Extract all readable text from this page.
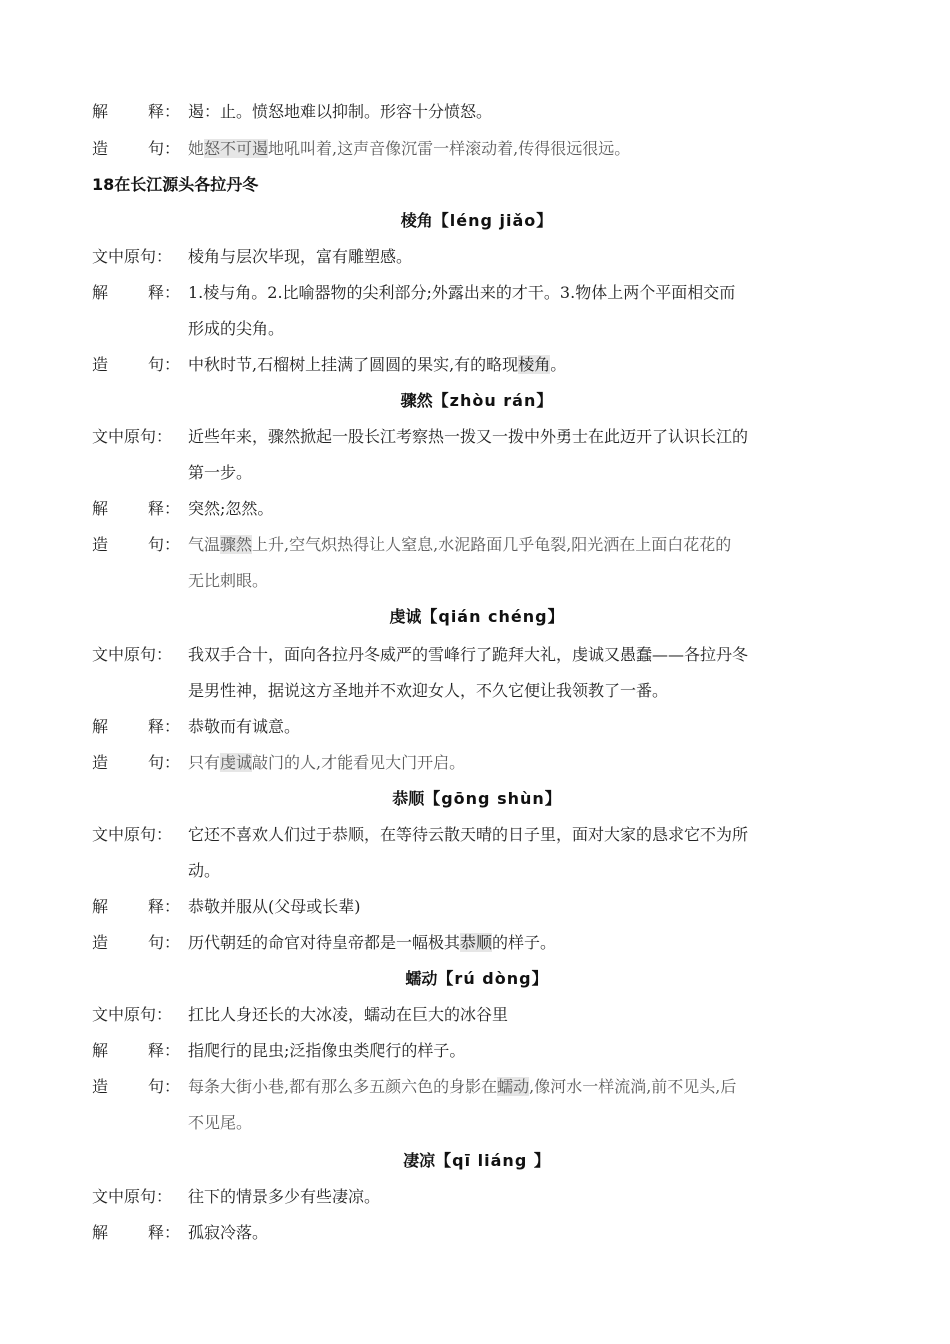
解 释： 遏：止。愤怒地难以抑制。形容十分愤怒。
造 句： 她怒不可遏地吼叫着,这声音像沉雷一样滚动着,传得很远很远。
18在长江源头各拉丹冬
棱角【léng jiǎo】
文中原句： 棱角与层次毕现，富有雕塑感。
解 释： 1.棱与角。2.比喻器物的尖利部分;外露出来的才干。3.物体上两个平面相交而
形成的尖角。
造 句： 中秋时节,石榴树上挂满了圆圆的果实,有的略现棱角。
骤然【zhòu rán】
文中原句： 近些年来，骤然掀起一股长江考察热一拨又一拨中外勇士在此迈开了认识长江的
第一步。
解 释： 突然;忽然。
造 句： 气温骤然上升,空气炽热得让人窒息,水泥路面几乎龟裂,阳光洒在上面白花花的
无比刺眼。
虔诚【qián chéng】
文中原句： 我双手合十，面向各拉丹冬威严的雪峰行了跪拜大礼，虔诚又愚蠢——各拉丹冬
是男性神，据说这方圣地并不欢迎女人，不久它便让我领教了一番。
解 释： 恭敬而有诚意。
造 句： 只有虔诚敲门的人,才能看见大门开启。
恭顺【gōng shùn】
文中原句： 它还不喜欢人们过于恭顺，在等待云散天晴的日子里，面对大家的恳求它不为所
动。
解 释： 恭敬并服从(父母或长辈)
造 句： 历代朝廷的命官对待皇帝都是一幅极其恭顺的样子。
蠕动【rú dòng】
文中原句： 扛比人身还长的大冰凌，蠕动在巨大的冰谷里
解 释： 指爬行的昆虫;泛指像虫类爬行的样子。
造 句： 每条大街小巷,都有那么多五颜六色的身影在蠕动,像河水一样流淌,前不见头,后
不见尾。
凄凉【qī liáng 】
文中原句： 往下的情景多少有些凄凉。
解 释： 孤寂冷落。
